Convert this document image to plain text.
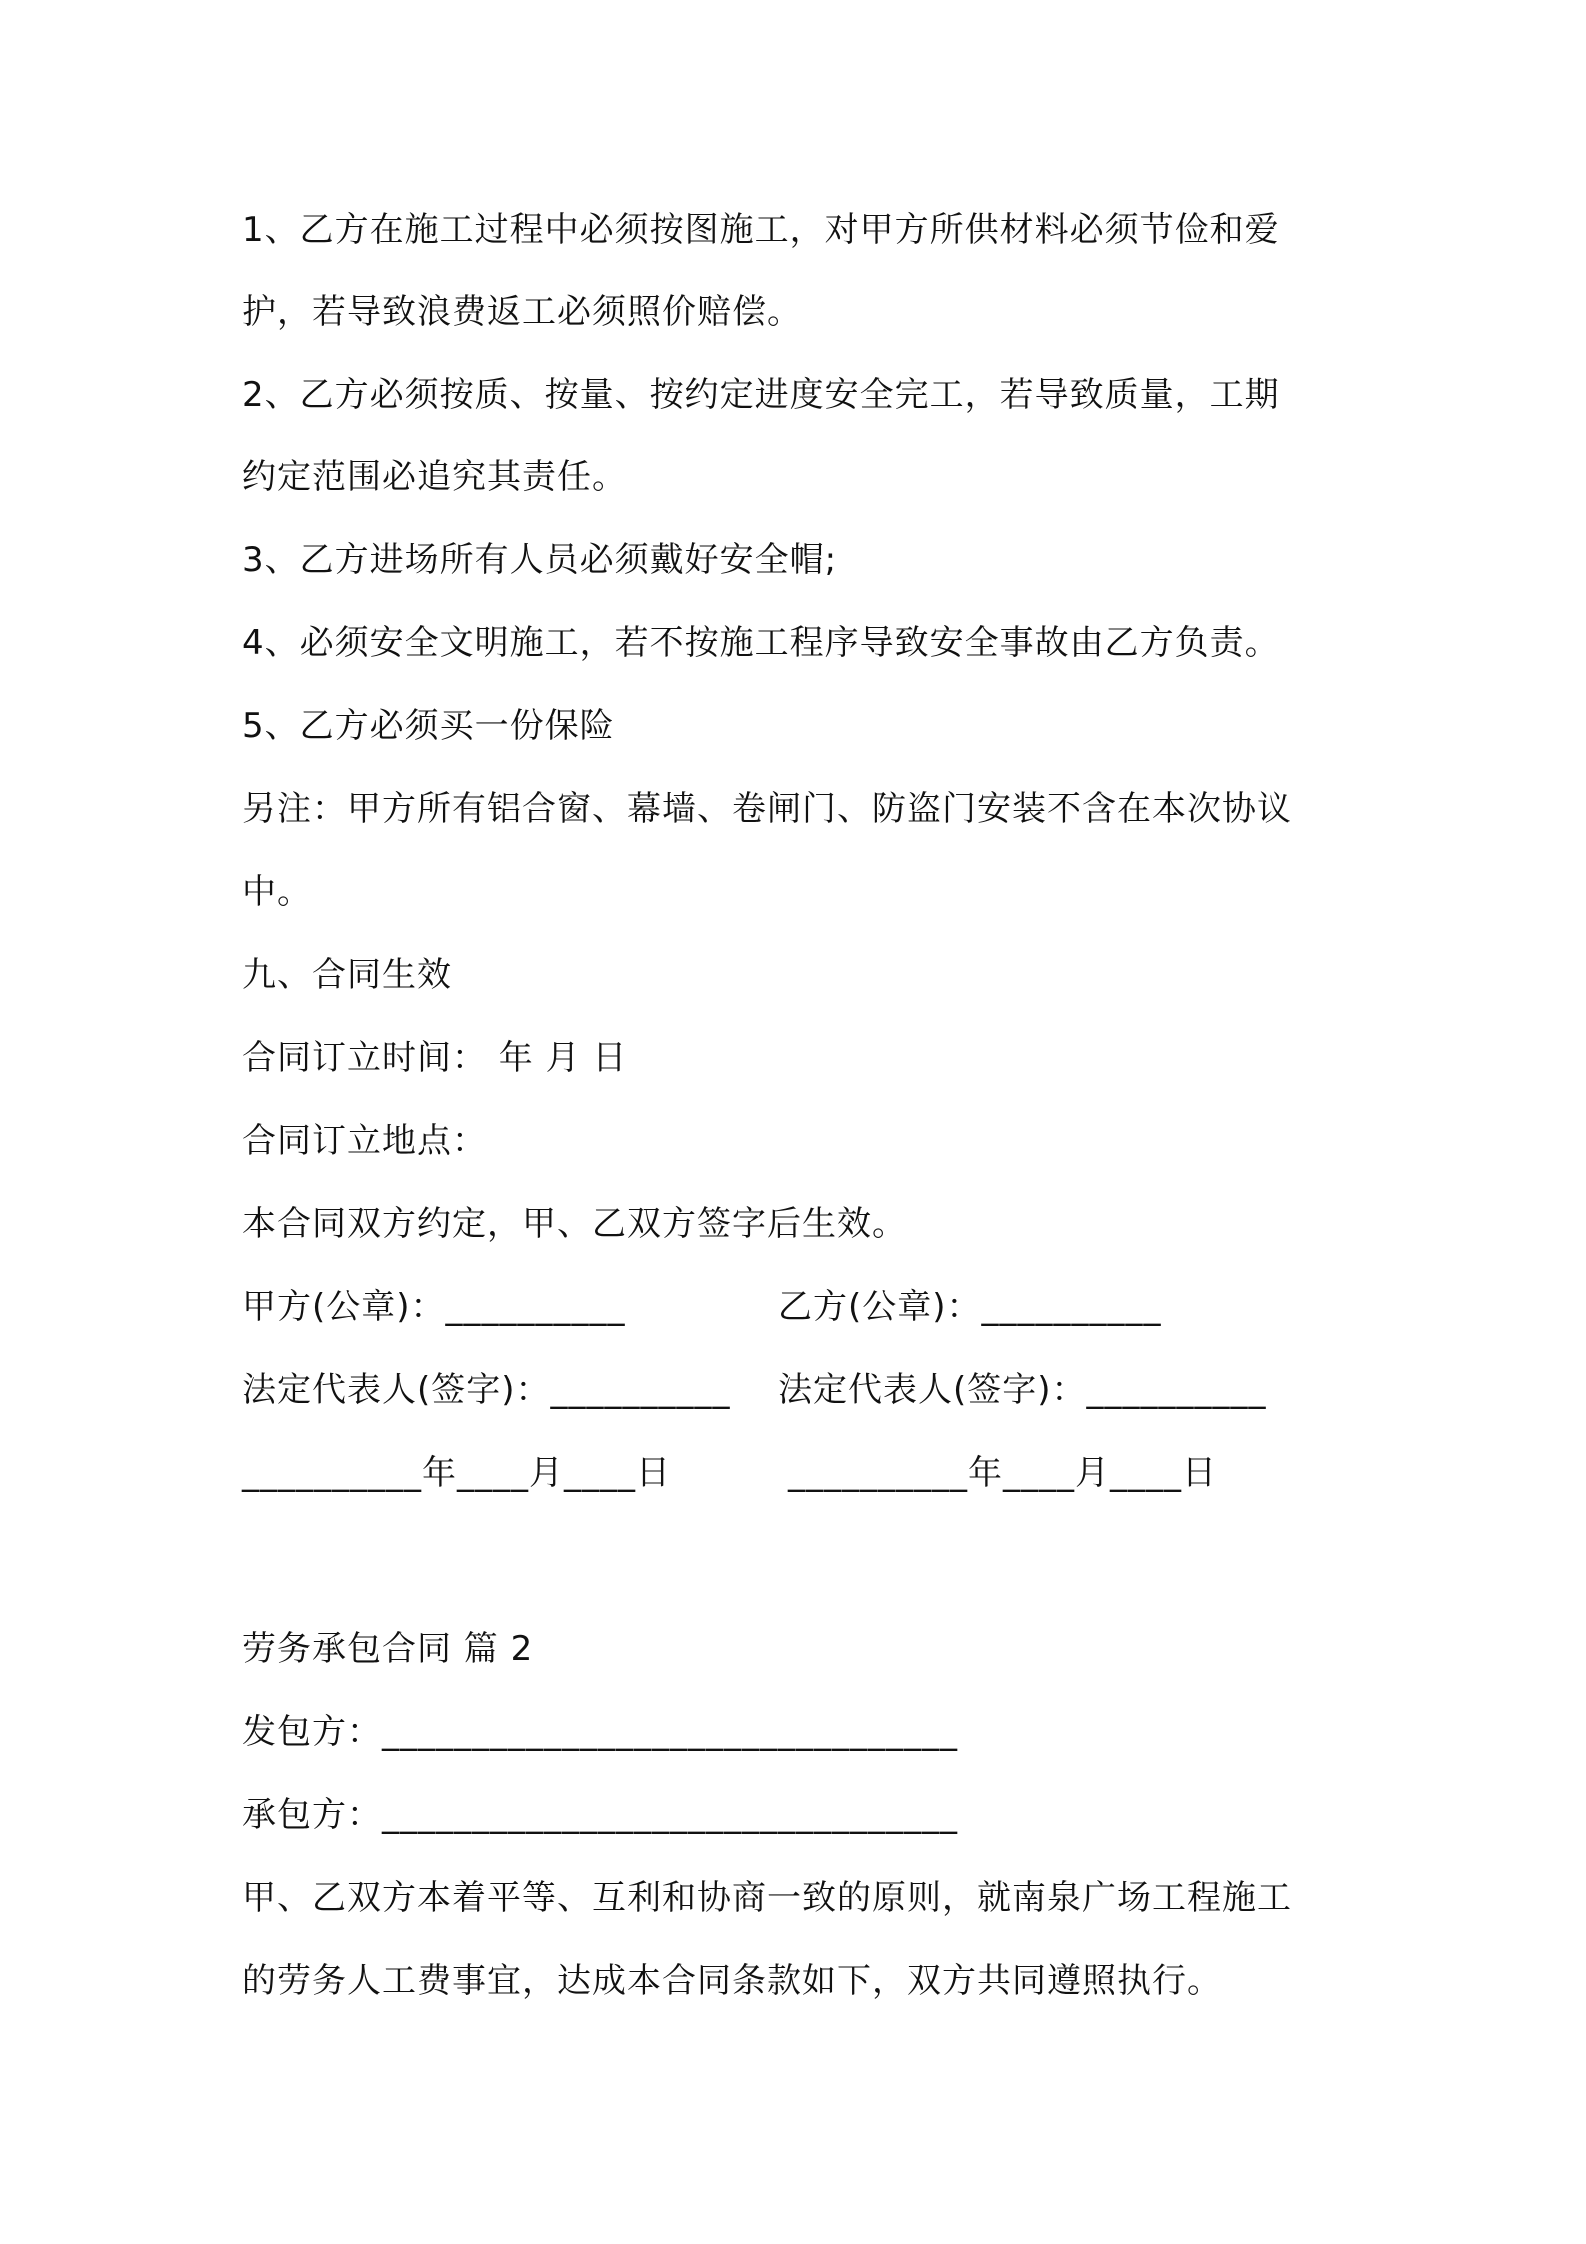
1、乙方在施工过程中必须按图施工，对甲方所供材料必须节俭和爱
护，若导致浪费返工必须照价赔偿。
2、乙方必须按质、按量、按约定进度安全完工，若导致质量，工期
约定范围必追究其责任。
3、乙方进场所有人员必须戴好安全帽;
4、必须安全文明施工，若不按施工程序导致安全事故由乙方负责。
5、乙方必须买一份保险
另注：甲方所有铝合窗、幕墙、卷闸门、防盗门安装不含在本次协议
中。
九、合同生效
合同订立时间： 年 月 日
合同订立地点：
本合同双方约定，甲、乙双方签字后生效。
甲方(公章)：__________	乙方(公章)：__________
法定代表人(签字)：__________ 法定代表人(签字)：__________
__________年____月____日	__________年____月____日
劳务承包合同 篇 2
发包方：________________________________
承包方：________________________________
甲、乙双方本着平等、互利和协商一致的原则，就南泉广场工程施工
的劳务人工费事宜，达成本合同条款如下，双方共同遵照执行。
